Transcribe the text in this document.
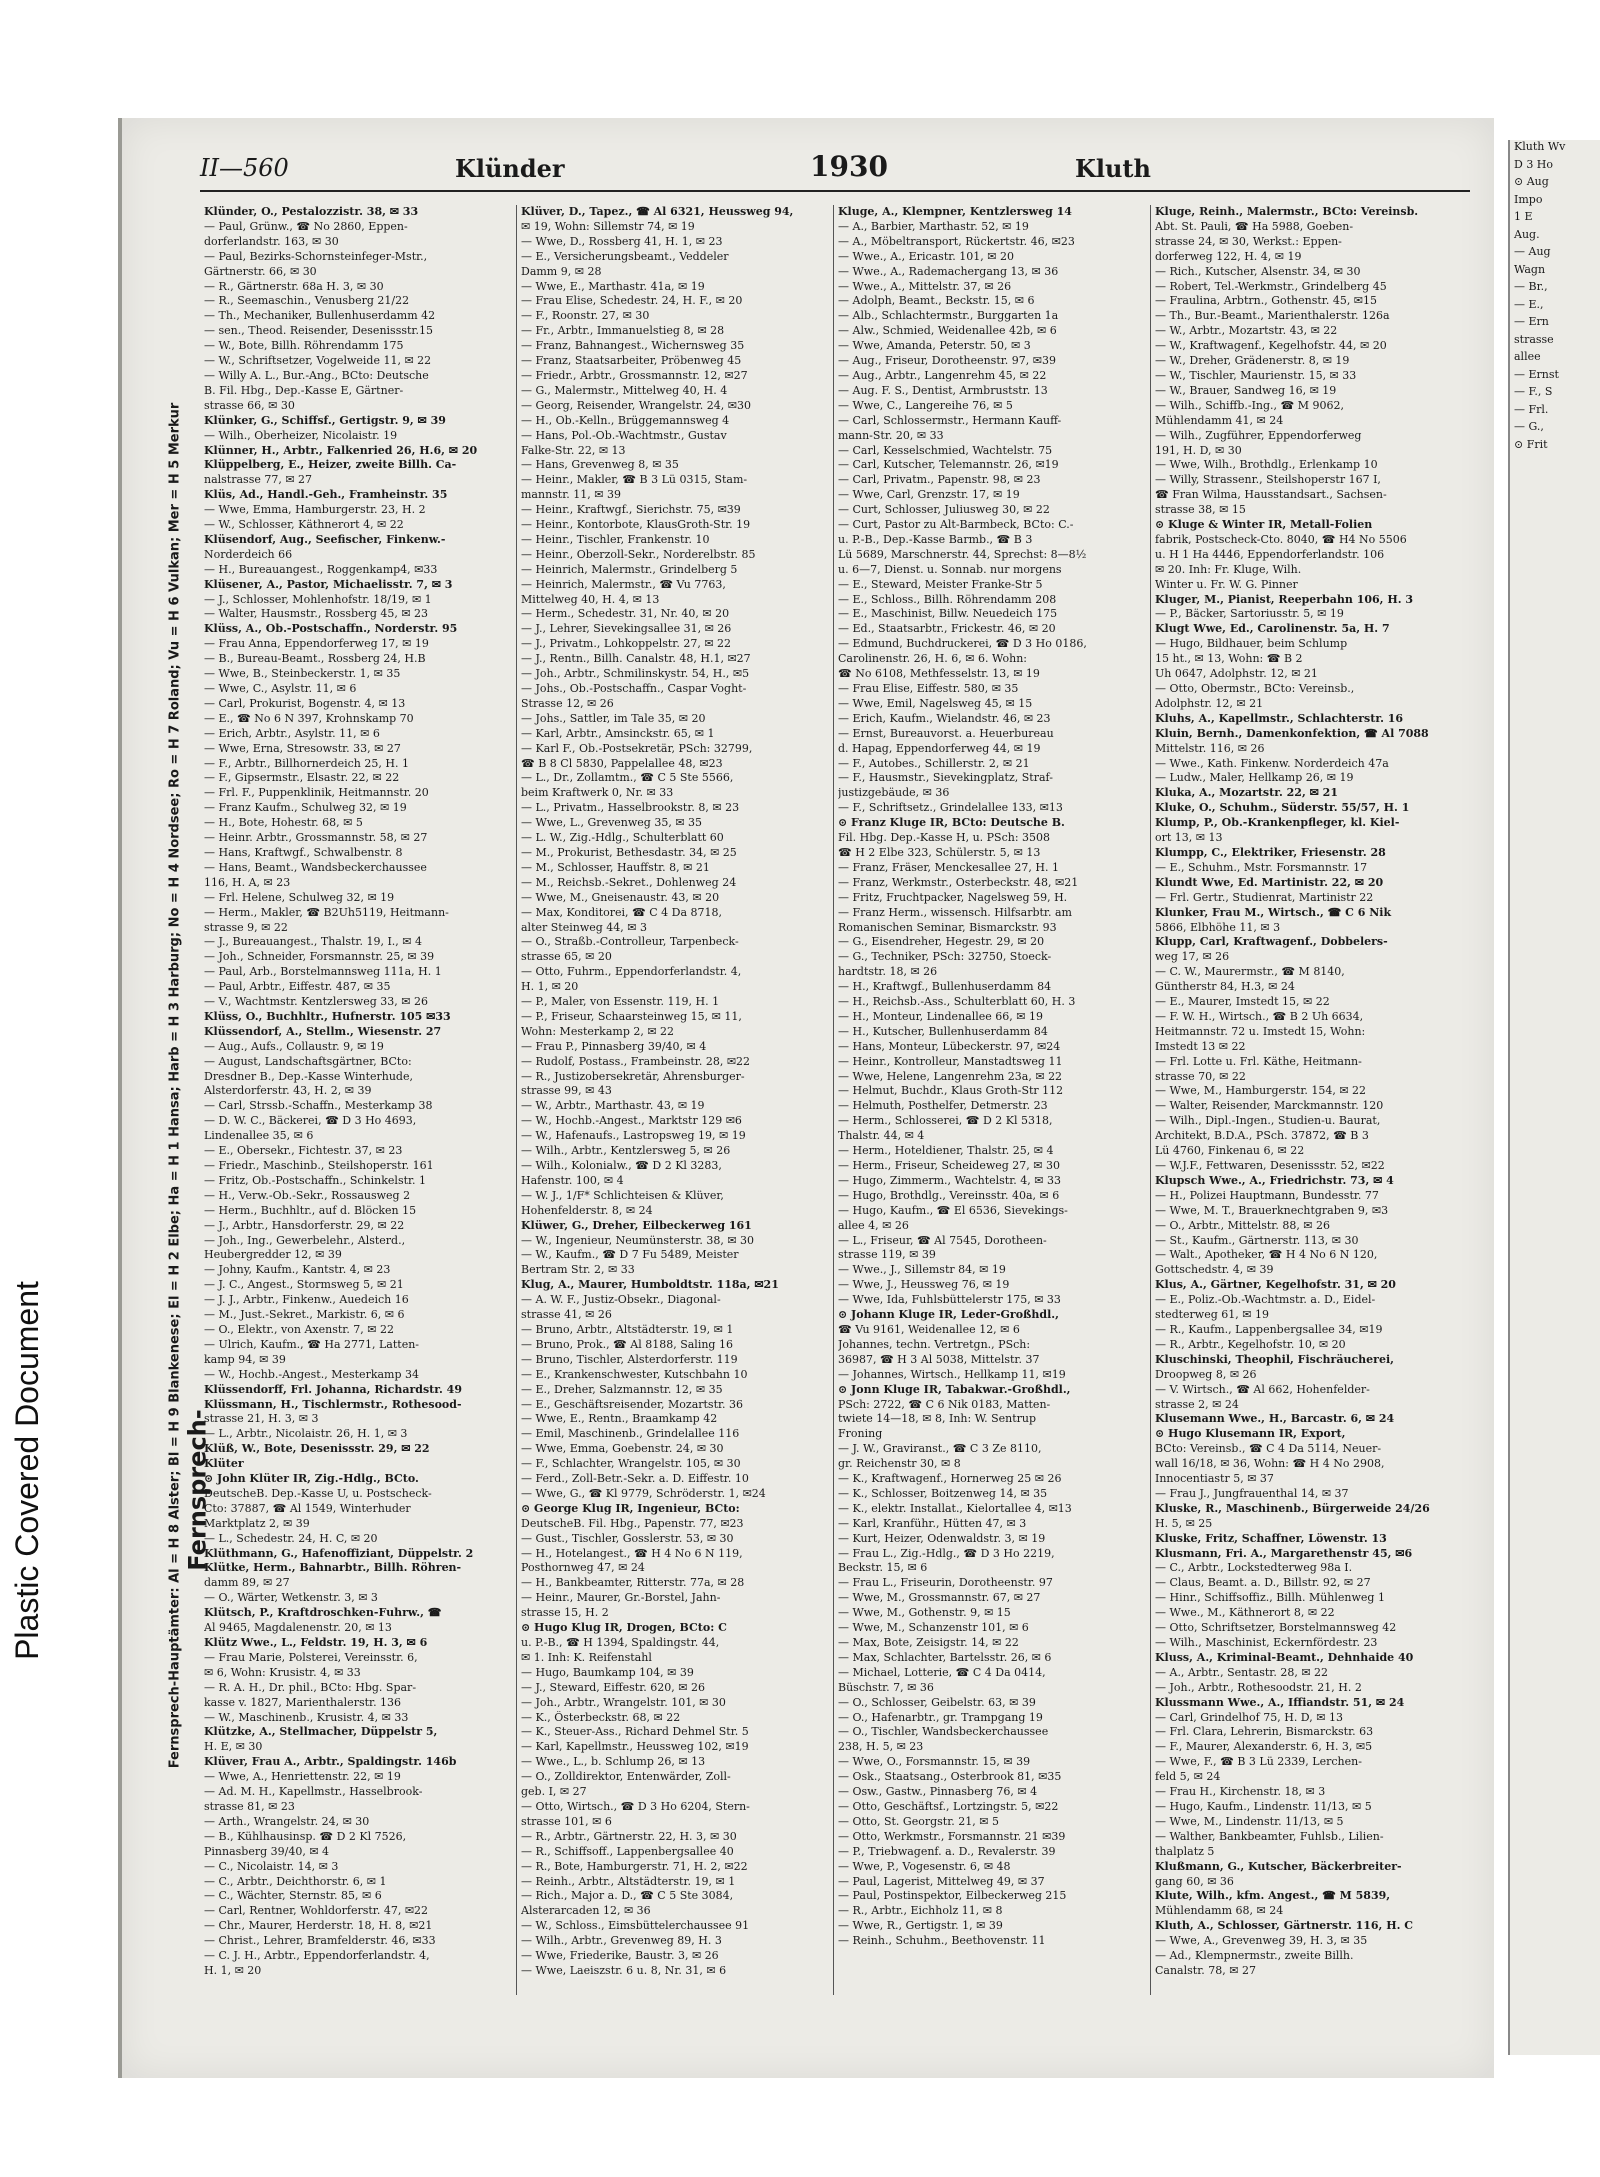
Kluth Wv
D 3 Ho
⊙ Aug
Impo
1 E
Aug.
— Aug
Wagn
— Br.,
— E.,
— Ern
strasse
allee
— Ernst
— F., S
— Frl.
— G.,
⊙ Frit
Plastic Covered Document
II—560	Klünder	1930	Kluth
Fernsprech-Hauptämter: Al = H 8 Alster; Bl = H 9 Blankenese; El = H 2 Elbe; Ha = H 1 Hansa; Harb = H 3 Harburg; No = H 4 Nordsee; Ro = H 7 Roland; Vu = H 6 Vulkan; Mer = H 5 Merkur Fernsprech-
Klünder, O., Pestalozzistr. 38, ✉ 33
— Paul, Grünw., ☎ No 2860, Eppen-
dorferlandstr. 163, ✉ 30
— Paul, Bezirks-Schornsteinfeger-Mstr.,
Gärtnerstr. 66, ✉ 30
— R., Gärtnerstr. 68a H. 3, ✉ 30
— R., Seemaschin., Venusberg 21/22
— Th., Mechaniker, Bullenhuserdamm 42
— sen., Theod. Reisender, Desenissstr.15
— W., Bote, Billh. Röhrendamm 175
— W., Schriftsetzer, Vogelweide 11, ✉ 22
— Willy A. L., Bur.-Ang., BCto: Deutsche
B. Fil. Hbg., Dep.-Kasse E, Gärtner-
strasse 66, ✉ 30
Klünker, G., Schiffsf., Gertigstr. 9, ✉ 39
— Wilh., Oberheizer, Nicolaistr. 19
Klünner, H., Arbtr., Falkenried 26, H.6, ✉ 20
Klüppelberg, E., Heizer, zweite Billh. Ca-
nalstrasse 77, ✉ 27
Klüs, Ad., Handl.-Geh., Framheinstr. 35
— Wwe, Emma, Hamburgerstr. 23, H. 2
— W., Schlosser, Käthnerort 4, ✉ 22
Klüsendorf, Aug., Seefischer, Finkenw.-
Norderdeich 66
— H., Bureauangest., Roggenkamp4, ✉33
Klüsener, A., Pastor, Michaelisstr. 7, ✉ 3
— J., Schlosser, Mohlenhofstr. 18/19, ✉ 1
— Walter, Hausmstr., Rossberg 45, ✉ 23
Klüss, A., Ob.-Postschaffn., Norderstr. 95
— Frau Anna, Eppendorferweg 17, ✉ 19
— B., Bureau-Beamt., Rossberg 24, H.B
— Wwe, B., Steinbeckerstr. 1, ✉ 35
— Wwe, C., Asylstr. 11, ✉ 6
— Carl, Prokurist, Bogenstr. 4, ✉ 13
— E., ☎ No 6 N 397, Krohnskamp 70
— Erich, Arbtr., Asylstr. 11, ✉ 6
— Wwe, Erna, Stresowstr. 33, ✉ 27
— F., Arbtr., Billhornerdeich 25, H. 1
— F., Gipsermstr., Elsastr. 22, ✉ 22
— Frl. F., Puppenklinik, Heitmannstr. 20
— Franz Kaufm., Schulweg 32, ✉ 19
— H., Bote, Hohestr. 68, ✉ 5
— Heinr. Arbtr., Grossmannstr. 58, ✉ 27
— Hans, Kraftwgf., Schwalbenstr. 8
— Hans, Beamt., Wandsbeckerchaussee
116, H. A, ✉ 23
— Frl. Helene, Schulweg 32, ✉ 19
— Herm., Makler, ☎ B2Uh5119, Heitmann-
strasse 9, ✉ 22
— J., Bureauangest., Thalstr. 19, I., ✉ 4
— Joh., Schneider, Forsmannstr. 25, ✉ 39
— Paul, Arb., Borstelmannsweg 111a, H. 1
— Paul, Arbtr., Eiffestr. 487, ✉ 35
— V., Wachtmstr. Kentzlersweg 33, ✉ 26
Klüss, O., Buchhltr., Hufnerstr. 105 ✉33
Klüssendorf, A., Stellm., Wiesenstr. 27
— Aug., Aufs., Collaustr. 9, ✉ 19
— August, Landschaftsgärtner, BCto:
Dresdner B., Dep.-Kasse Winterhude,
Alsterdorferstr. 43, H. 2, ✉ 39
— Carl, Strssb.-Schaffn., Mesterkamp 38
— D. W. C., Bäckerei, ☎ D 3 Ho 4693,
Lindenallee 35, ✉ 6
— E., Obersekr., Fichtestr. 37, ✉ 23
— Friedr., Maschinb., Steilshoperstr. 161
— Fritz, Ob.-Postschaffn., Schinkelstr. 1
— H., Verw.-Ob.-Sekr., Rossausweg 2
— Herm., Buchhltr., auf d. Blöcken 15
— J., Arbtr., Hansdorferstr. 29, ✉ 22
— Joh., Ing., Gewerbelehr., Alsterd.,
Heubergredder 12, ✉ 39
— Johny, Kaufm., Kantstr. 4, ✉ 23
— J. C., Angest., Stormsweg 5, ✉ 21
— J. J., Arbtr., Finkenw., Auedeich 16
— M., Just.-Sekret., Markistr. 6, ✉ 6
— O., Elektr., von Axenstr. 7, ✉ 22
— Ulrich, Kaufm., ☎ Ha 2771, Latten-
kamp 94, ✉ 39
— W., Hochb.-Angest., Mesterkamp 34
Klüssendorff, Frl. Johanna, Richardstr. 49
Klüssmann, H., Tischlermstr., Rothesood-
strasse 21, H. 3, ✉ 3
— L., Arbtr., Nicolaistr. 26, H. 1, ✉ 3
Klüß, W., Bote, Desenissstr. 29, ✉ 22
Klüter
⊙ John Klüter IR, Zig.-Hdlg., BCto.
DeutscheB. Dep.-Kasse U, u. Postscheck-
Cto: 37887, ☎ Al 1549, Winterhuder
Marktplatz 2, ✉ 39
— L., Schedestr. 24, H. C, ✉ 20
Klüthmann, G., Hafenoffiziant, Düppelstr. 2
Klütke, Herm., Bahnarbtr., Billh. Röhren-
damm 89, ✉ 27
— O., Wärter, Wetkenstr. 3, ✉ 3
Klütsch, P., Kraftdroschken-Fuhrw., ☎
Al 9465, Magdalenenstr. 20, ✉ 13
Klütz Wwe., L., Feldstr. 19, H. 3, ✉ 6
— Frau Marie, Polsterei, Vereinsstr. 6,
✉ 6, Wohn: Krusistr. 4, ✉ 33
— R. A. H., Dr. phil., BCto: Hbg. Spar-
kasse v. 1827, Marienthalerstr. 136
— W., Maschinenb., Krusistr. 4, ✉ 33
Klützke, A., Stellmacher, Düppelstr 5,
H. E, ✉ 30
Klüver, Frau A., Arbtr., Spaldingstr. 146b
— Wwe, A., Henriettenstr. 22, ✉ 19
— Ad. M. H., Kapellmstr., Hasselbrook-
strasse 81, ✉ 23
— Arth., Wrangelstr. 24, ✉ 30
— B., Kühlhausinsp. ☎ D 2 Kl 7526,
Pinnasberg 39/40, ✉ 4
— C., Nicolaistr. 14, ✉ 3
— C., Arbtr., Deichthorstr. 6, ✉ 1
— C., Wächter, Sternstr. 85, ✉ 6
— Carl, Rentner, Wohldorferstr. 47, ✉22
— Chr., Maurer, Herderstr. 18, H. 8, ✉21
— Christ., Lehrer, Bramfelderstr. 46, ✉33
— C. J. H., Arbtr., Eppendorferlandstr. 4,
H. 1, ✉ 20
Klüver, D., Tapez., ☎ Al 6321, Heussweg 94,
✉ 19, Wohn: Sillemstr 74, ✉ 19
— Wwe, D., Rossberg 41, H. 1, ✉ 23
— E., Versicherungsbeamt., Veddeler
Damm 9, ✉ 28
— Wwe, E., Marthastr. 41a, ✉ 19
— Frau Elise, Schedestr. 24, H. F., ✉ 20
— F., Roonstr. 27, ✉ 30
— Fr., Arbtr., Immanuelstieg 8, ✉ 28
— Franz, Bahnangest., Wichernsweg 35
— Franz, Staatsarbeiter, Pröbenweg 45
— Friedr., Arbtr., Grossmannstr. 12, ✉27
— G., Malermstr., Mittelweg 40, H. 4
— Georg, Reisender, Wrangelstr. 24, ✉30
— H., Ob.-Kelln., Brüggemannsweg 4
— Hans, Pol.-Ob.-Wachtmstr., Gustav
Falke-Str. 22, ✉ 13
— Hans, Grevenweg 8, ✉ 35
— Heinr., Makler, ☎ B 3 Lü 0315, Stam-
mannstr. 11, ✉ 39
— Heinr., Kraftwgf., Sierichstr. 75, ✉39
— Heinr., Kontorbote, KlausGroth-Str. 19
— Heinr., Tischler, Frankenstr. 10
— Heinr., Oberzoll-Sekr., Norderelbstr. 85
— Heinrich, Malermstr., Grindelberg 5
— Heinrich, Malermstr., ☎ Vu 7763,
Mittelweg 40, H. 4, ✉ 13
— Herm., Schedestr. 31, Nr. 40, ✉ 20
— J., Lehrer, Sievekingsallee 31, ✉ 26
— J., Privatm., Lohkoppelstr. 27, ✉ 22
— J., Rentn., Billh. Canalstr. 48, H.1, ✉27
— Joh., Arbtr., Schmilinskystr. 54, H., ✉5
— Johs., Ob.-Postschaffn., Caspar Voght-
Strasse 12, ✉ 26
— Johs., Sattler, im Tale 35, ✉ 20
— Karl, Arbtr., Amsinckstr. 65, ✉ 1
— Karl F., Ob.-Postsekretär, PSch: 32799,
☎ B 8 Cl 5830, Pappelallee 48, ✉23
— L., Dr., Zollamtm., ☎ C 5 Ste 5566,
beim Kraftwerk 0, Nr. ✉ 33
— L., Privatm., Hasselbrookstr. 8, ✉ 23
— Wwe, L., Grevenweg 35, ✉ 35
— L. W., Zig.-Hdlg., Schulterblatt 60
— M., Prokurist, Bethesdastr. 34, ✉ 25
— M., Schlosser, Hauffstr. 8, ✉ 21
— M., Reichsb.-Sekret., Dohlenweg 24
— Wwe, M., Gneisenaustr. 43, ✉ 20
— Max, Konditorei, ☎ C 4 Da 8718,
alter Steinweg 44, ✉ 3
— O., Straßb.-Controlleur, Tarpenbeck-
strasse 65, ✉ 20
— Otto, Fuhrm., Eppendorferlandstr. 4,
H. 1, ✉ 20
— P., Maler, von Essenstr. 119, H. 1
— P., Friseur, Schaarsteinweg 15, ✉ 11,
Wohn: Mesterkamp 2, ✉ 22
— Frau P., Pinnasberg 39/40, ✉ 4
— Rudolf, Postass., Frambeinstr. 28, ✉22
— R., Justizobersekretär, Ahrensburger-
strasse 99, ✉ 43
— W., Arbtr., Marthastr. 43, ✉ 19
— W., Hochb.-Angest., Marktstr 129 ✉6
— W., Hafenaufs., Lastropsweg 19, ✉ 19
— Wilh., Arbtr., Kentzlersweg 5, ✉ 26
— Wilh., Kolonialw., ☎ D 2 Kl 3283,
Hafenstr. 100, ✉ 4
— W. J., 1/F* Schlichteisen & Klüver,
Hohenfelderstr. 8, ✉ 24
Klüwer, G., Dreher, Eilbeckerweg 161
— W., Ingenieur, Neumünsterstr. 38, ✉ 30
— W., Kaufm., ☎ D 7 Fu 5489, Meister
Bertram Str. 2, ✉ 33
Klug, A., Maurer, Humboldtstr. 118a, ✉21
— A. W. F., Justiz-Obsekr., Diagonal-
strasse 41, ✉ 26
— Bruno, Arbtr., Altstädterstr. 19, ✉ 1
— Bruno, Prok., ☎ Al 8188, Saling 16
— Bruno, Tischler, Alsterdorferstr. 119
— E., Krankenschwester, Kutschbahn 10
— E., Dreher, Salzmannstr. 12, ✉ 35
— E., Geschäftsreisender, Mozartstr. 36
— Wwe, E., Rentn., Braamkamp 42
— Emil, Maschinenb., Grindelallee 116
— Wwe, Emma, Goebenstr. 24, ✉ 30
— F., Schlachter, Wrangelstr. 105, ✉ 30
— Ferd., Zoll-Betr.-Sekr. a. D. Eiffestr. 10
— Wwe, G., ☎ Kl 9779, Schröderstr. 1, ✉24
⊙ George Klug IR, Ingenieur, BCto:
DeutscheB. Fil. Hbg., Papenstr. 77, ✉23
— Gust., Tischler, Gosslerstr. 53, ✉ 30
— H., Hotelangest., ☎ H 4 No 6 N 119,
Posthornweg 47, ✉ 24
— H., Bankbeamter, Ritterstr. 77a, ✉ 28
— Heinr., Maurer, Gr.-Borstel, Jahn-
strasse 15, H. 2
⊙ Hugo Klug IR, Drogen, BCto: C
u. P.-B., ☎ H 1394, Spaldingstr. 44,
✉ 1. Inh: K. Reifenstahl
— Hugo, Baumkamp 104, ✉ 39
— J., Steward, Eiffestr. 620, ✉ 26
— Joh., Arbtr., Wrangelstr. 101, ✉ 30
— K., Österbeckstr. 68, ✉ 22
— K., Steuer-Ass., Richard Dehmel Str. 5
— Karl, Kapellmstr., Heussweg 102, ✉19
— Wwe., L., b. Schlump 26, ✉ 13
— O., Zolldirektor, Entenwärder, Zoll-
geb. I, ✉ 27
— Otto, Wirtsch., ☎ D 3 Ho 6204, Stern-
strasse 101, ✉ 6
— R., Arbtr., Gärtnerstr. 22, H. 3, ✉ 30
— R., Schiffsoff., Lappenbergsallee 40
— R., Bote, Hamburgerstr. 71, H. 2, ✉22
— Reinh., Arbtr., Altstädterstr. 19, ✉ 1
— Rich., Major a. D., ☎ C 5 Ste 3084,
Alsterarcaden 12, ✉ 36
— W., Schloss., Eimsbüttelerchaussee 91
— Wilh., Arbtr., Grevenweg 89, H. 3
— Wwe, Friederike, Baustr. 3, ✉ 26
— Wwe, Laeiszstr. 6 u. 8, Nr. 31, ✉ 6
Kluge, A., Klempner, Kentzlersweg 14
— A., Barbier, Marthastr. 52, ✉ 19
— A., Möbeltransport, Rückertstr. 46, ✉23
— Wwe., A., Ericastr. 101, ✉ 20
— Wwe., A., Rademachergang 13, ✉ 36
— Wwe., A., Mittelstr. 37, ✉ 26
— Adolph, Beamt., Beckstr. 15, ✉ 6
— Alb., Schlachtermstr., Burggarten 1a
— Alw., Schmied, Weidenallee 42b, ✉ 6
— Wwe, Amanda, Peterstr. 50, ✉ 3
— Aug., Friseur, Dorotheenstr. 97, ✉39
— Aug., Arbtr., Langenrehm 45, ✉ 22
— Aug. F. S., Dentist, Armbruststr. 13
— Wwe, C., Langereihe 76, ✉ 5
— Carl, Schlossermstr., Hermann Kauff-
mann-Str. 20, ✉ 33
— Carl, Kesselschmied, Wachtelstr. 75
— Carl, Kutscher, Telemannstr. 26, ✉19
— Carl, Privatm., Papenstr. 98, ✉ 23
— Wwe, Carl, Grenzstr. 17, ✉ 19
— Curt, Schlosser, Juliusweg 30, ✉ 22
— Curt, Pastor zu Alt-Barmbeck, BCto: C.-
u. P.-B., Dep.-Kasse Barmb., ☎ B 3
Lü 5689, Marschnerstr. 44, Sprechst: 8—8½
u. 6—7, Dienst. u. Sonnab. nur morgens
— E., Steward, Meister Franke-Str 5
— E., Schloss., Billh. Röhrendamm 208
— E., Maschinist, Billw. Neuedeich 175
— Ed., Staatsarbtr., Frickestr. 46, ✉ 20
— Edmund, Buchdruckerei, ☎ D 3 Ho 0186,
Carolinenstr. 26, H. 6, ✉ 6. Wohn:
☎ No 6108, Methfesselstr. 13, ✉ 19
— Frau Elise, Eiffestr. 580, ✉ 35
— Wwe, Emil, Nagelsweg 45, ✉ 15
— Erich, Kaufm., Wielandstr. 46, ✉ 23
— Ernst, Bureauvorst. a. Heuerbureau
d. Hapag, Eppendorferweg 44, ✉ 19
— F., Autobes., Schillerstr. 2, ✉ 21
— F., Hausmstr., Sievekingplatz, Straf-
justizgebäude, ✉ 36
— F., Schriftsetz., Grindelallee 133, ✉13
⊙ Franz Kluge IR, BCto: Deutsche B.
Fil. Hbg. Dep.-Kasse H, u. PSch: 3508
☎ H 2 Elbe 323, Schülerstr. 5, ✉ 13
— Franz, Fräser, Menckesallee 27, H. 1
— Franz, Werkmstr., Osterbeckstr. 48, ✉21
— Fritz, Fruchtpacker, Nagelsweg 59, H.
— Franz Herm., wissensch. Hilfsarbtr. am
Romanischen Seminar, Bismarckstr. 93
— G., Eisendreher, Hegestr. 29, ✉ 20
— G., Techniker, PSch: 32750, Stoeck-
hardtstr. 18, ✉ 26
— H., Kraftwgf., Bullenhuserdamm 84
— H., Reichsb.-Ass., Schulterblatt 60, H. 3
— H., Monteur, Lindenallee 66, ✉ 19
— H., Kutscher, Bullenhuserdamm 84
— Hans, Monteur, Lübeckerstr. 97, ✉24
— Heinr., Kontrolleur, Manstadtsweg 11
— Wwe, Helene, Langenrehm 23a, ✉ 22
— Helmut, Buchdr., Klaus Groth-Str 112
— Helmuth, Posthelfer, Detmerstr. 23
— Herm., Schlosserei, ☎ D 2 Kl 5318,
Thalstr. 44, ✉ 4
— Herm., Hoteldiener, Thalstr. 25, ✉ 4
— Herm., Friseur, Scheideweg 27, ✉ 30
— Hugo, Zimmerm., Wachtelstr. 4, ✉ 33
— Hugo, Brothdlg., Vereinsstr. 40a, ✉ 6
— Hugo, Kaufm., ☎ El 6536, Sievekings-
allee 4, ✉ 26
— L., Friseur, ☎ Al 7545, Dorotheen-
strasse 119, ✉ 39
— Wwe., J., Sillemstr 84, ✉ 19
— Wwe, J., Heussweg 76, ✉ 19
— Wwe, Ida, Fuhlsbüttelerstr 175, ✉ 33
⊙ Johann Kluge IR, Leder-Großhdl.,
☎ Vu 9161, Weidenallee 12, ✉ 6
Johannes, techn. Vertretgn., PSch:
36987, ☎ H 3 Al 5038, Mittelstr. 37
— Johannes, Wirtsch., Hellkamp 11, ✉19
⊙ Jonn Kluge IR, Tabakwar.-Großhdl.,
PSch: 2722, ☎ C 6 Nik 0183, Matten-
twiete 14—18, ✉ 8, Inh: W. Sentrup
Froning
— J. W., Graviranst., ☎ C 3 Ze 8110,
gr. Reichenstr 30, ✉ 8
— K., Kraftwagenf., Hornerweg 25 ✉ 26
— K., Schlosser, Boitzenweg 14, ✉ 35
— K., elektr. Installat., Kielortallee 4, ✉13
— Karl, Kranführ., Hütten 47, ✉ 3
— Kurt, Heizer, Odenwaldstr. 3, ✉ 19
— Frau L., Zig.-Hdlg., ☎ D 3 Ho 2219,
Beckstr. 15, ✉ 6
— Frau L., Friseurin, Dorotheenstr. 97
— Wwe, M., Grossmannstr. 67, ✉ 27
— Wwe, M., Gothenstr. 9, ✉ 15
— Wwe, M., Schanzenstr 101, ✉ 6
— Max, Bote, Zeisigstr. 14, ✉ 22
— Max, Schlachter, Bartelsstr. 26, ✉ 6
— Michael, Lotterie, ☎ C 4 Da 0414,
Büschstr. 7, ✉ 36
— O., Schlosser, Geibelstr. 63, ✉ 39
— O., Hafenarbtr., gr. Trampgang 19
— O., Tischler, Wandsbeckerchaussee
238, H. 5, ✉ 23
— Wwe, O., Forsmannstr. 15, ✉ 39
— Osk., Staatsang., Osterbrook 81, ✉35
— Osw., Gastw., Pinnasberg 76, ✉ 4
— Otto, Geschäftsf., Lortzingstr. 5, ✉22
— Otto, St. Georgstr. 21, ✉ 5
— Otto, Werkmstr., Forsmannstr. 21 ✉39
— P., Triebwagenf. a. D., Revalerstr. 39
— Wwe, P., Vogesenstr. 6, ✉ 48
— Paul, Lagerist, Mittelweg 49, ✉ 37
— Paul, Postinspektor, Eilbeckerweg 215
— R., Arbtr., Eichholz 11, ✉ 8
— Wwe, R., Gertigstr. 1, ✉ 39
— Reinh., Schuhm., Beethovenstr. 11
Kluge, Reinh., Malermstr., BCto: Vereinsb.
Abt. St. Pauli, ☎ Ha 5988, Goeben-
strasse 24, ✉ 30, Werkst.: Eppen-
dorferweg 122, H. 4, ✉ 19
— Rich., Kutscher, Alsenstr. 34, ✉ 30
— Robert, Tel.-Werkmstr., Grindelberg 45
— Fraulina, Arbtrn., Gothenstr. 45, ✉15
— Th., Bur.-Beamt., Marienthalerstr. 126a
— W., Arbtr., Mozartstr. 43, ✉ 22
— W., Kraftwagenf., Kegelhofstr. 44, ✉ 20
— W., Dreher, Grädenerstr. 8, ✉ 19
— W., Tischler, Maurienstr. 15, ✉ 33
— W., Brauer, Sandweg 16, ✉ 19
— Wilh., Schiffb.-Ing., ☎ M 9062,
Mühlendamm 41, ✉ 24
— Wilh., Zugführer, Eppendorferweg
191, H. D, ✉ 30
— Wwe, Wilh., Brothdlg., Erlenkamp 10
— Willy, Strassenr., Steilshoperstr 167 I,
☎ Fran Wilma, Hausstandsart., Sachsen-
strasse 38, ✉ 15
⊙ Kluge & Winter IR, Metall-Folien
fabrik, Postscheck-Cto. 8040, ☎ H4 No 5506
u. H 1 Ha 4446, Eppendorferlandstr. 106
✉ 20. Inh: Fr. Kluge, Wilh.
Winter u. Fr. W. G. Pinner
Kluger, M., Pianist, Reeperbahn 106, H. 3
— P., Bäcker, Sartoriusstr. 5, ✉ 19
Klugt Wwe, Ed., Carolinenstr. 5a, H. 7
— Hugo, Bildhauer, beim Schlump
15 ht., ✉ 13, Wohn: ☎ B 2
Uh 0647, Adolphstr. 12, ✉ 21
— Otto, Obermstr., BCto: Vereinsb.,
Adolphstr. 12, ✉ 21
Kluhs, A., Kapellmstr., Schlachterstr. 16
Kluin, Bernh., Damenkonfektion, ☎ Al 7088
Mittelstr. 116, ✉ 26
— Wwe., Kath. Finkenw. Norderdeich 47a
— Ludw., Maler, Hellkamp 26, ✉ 19
Kluka, A., Mozartstr. 22, ✉ 21
Kluke, O., Schuhm., Süderstr. 55/57, H. 1
Klump, P., Ob.-Krankenpfleger, kl. Kiel-
ort 13, ✉ 13
Klumpp, C., Elektriker, Friesenstr. 28
— E., Schuhm., Mstr. Forsmannstr. 17
Klundt Wwe, Ed. Martinistr. 22, ✉ 20
— Frl. Gertr., Studienrat, Martinistr 22
Klunker, Frau M., Wirtsch., ☎ C 6 Nik
5866, Elbhöhe 11, ✉ 3
Klupp, Carl, Kraftwagenf., Dobbelers-
weg 17, ✉ 26
— C. W., Maurermstr., ☎ M 8140,
Güntherstr 84, H.3, ✉ 24
— E., Maurer, Imstedt 15, ✉ 22
— F. W. H., Wirtsch., ☎ B 2 Uh 6634,
Heitmannstr. 72 u. Imstedt 15, Wohn:
Imstedt 13 ✉ 22
— Frl. Lotte u. Frl. Käthe, Heitmann-
strasse 70, ✉ 22
— Wwe, M., Hamburgerstr. 154, ✉ 22
— Walter, Reisender, Marckmannstr. 120
— Wilh., Dipl.-Ingen., Studien-u. Baurat,
Architekt, B.D.A., PSch. 37872, ☎ B 3
Lü 4760, Finkenau 6, ✉ 22
— W.J.F., Fettwaren, Desenissstr. 52, ✉22
Klupsch Wwe., A., Friedrichstr. 73, ✉ 4
— H., Polizei Hauptmann, Bundesstr. 77
— Wwe, M. T., Brauerknechtgraben 9, ✉3
— O., Arbtr., Mittelstr. 88, ✉ 26
— St., Kaufm., Gärtnerstr. 113, ✉ 30
— Walt., Apotheker, ☎ H 4 No 6 N 120,
Gottschedstr. 4, ✉ 39
Klus, A., Gärtner, Kegelhofstr. 31, ✉ 20
— E., Poliz.-Ob.-Wachtmstr. a. D., Eidel-
stedterweg 61, ✉ 19
— R., Kaufm., Lappenbergsallee 34, ✉19
— R., Arbtr., Kegelhofstr. 10, ✉ 20
Kluschinski, Theophil, Fischräucherei,
Droopweg 8, ✉ 26
— V. Wirtsch., ☎ Al 662, Hohenfelder-
strasse 2, ✉ 24
Klusemann Wwe., H., Barcastr. 6, ✉ 24
⊙ Hugo Klusemann IR, Export,
BCto: Vereinsb., ☎ C 4 Da 5114, Neuer-
wall 16/18, ✉ 36, Wohn: ☎ H 4 No 2908,
Innocentiastr 5, ✉ 37
— Frau J., Jungfrauenthal 14, ✉ 37
Kluske, R., Maschinenb., Bürgerweide 24/26
H. 5, ✉ 25
Kluske, Fritz, Schaffner, Löwenstr. 13
Klusmann, Fri. A., Margarethenstr 45, ✉6
— C., Arbtr., Lockstedterweg 98a I.
— Claus, Beamt. a. D., Billstr. 92, ✉ 27
— Hinr., Schiffsoffiz., Billh. Mühlenweg 1
— Wwe., M., Käthnerort 8, ✉ 22
— Otto, Schriftsetzer, Borstelmannsweg 42
— Wilh., Maschinist, Eckernfördestr. 23
Kluss, A., Kriminal-Beamt., Dehnhaide 40
— A., Arbtr., Sentastr. 28, ✉ 22
— Joh., Arbtr., Rothesoodstr. 21, H. 2
Klussmann Wwe., A., Iffiandstr. 51, ✉ 24
— Carl, Grindelhof 75, H. D, ✉ 13
— Frl. Clara, Lehrerin, Bismarckstr. 63
— F., Maurer, Alexanderstr. 6, H. 3, ✉5
— Wwe, F., ☎ B 3 Lü 2339, Lerchen-
feld 5, ✉ 24
— Frau H., Kirchenstr. 18, ✉ 3
— Hugo, Kaufm., Lindenstr. 11/13, ✉ 5
— Wwe, M., Lindenstr. 11/13, ✉ 5
— Walther, Bankbeamter, Fuhlsb., Lilien-
thalplatz 5
Klußmann, G., Kutscher, Bäckerbreiter-
gang 60, ✉ 36
Klute, Wilh., kfm. Angest., ☎ M 5839,
Mühlendamm 68, ✉ 24
Kluth, A., Schlosser, Gärtnerstr. 116, H. C
— Wwe, A., Grevenweg 39, H. 3, ✉ 35
— Ad., Klempnermstr., zweite Billh.
Canalstr. 78, ✉ 27
